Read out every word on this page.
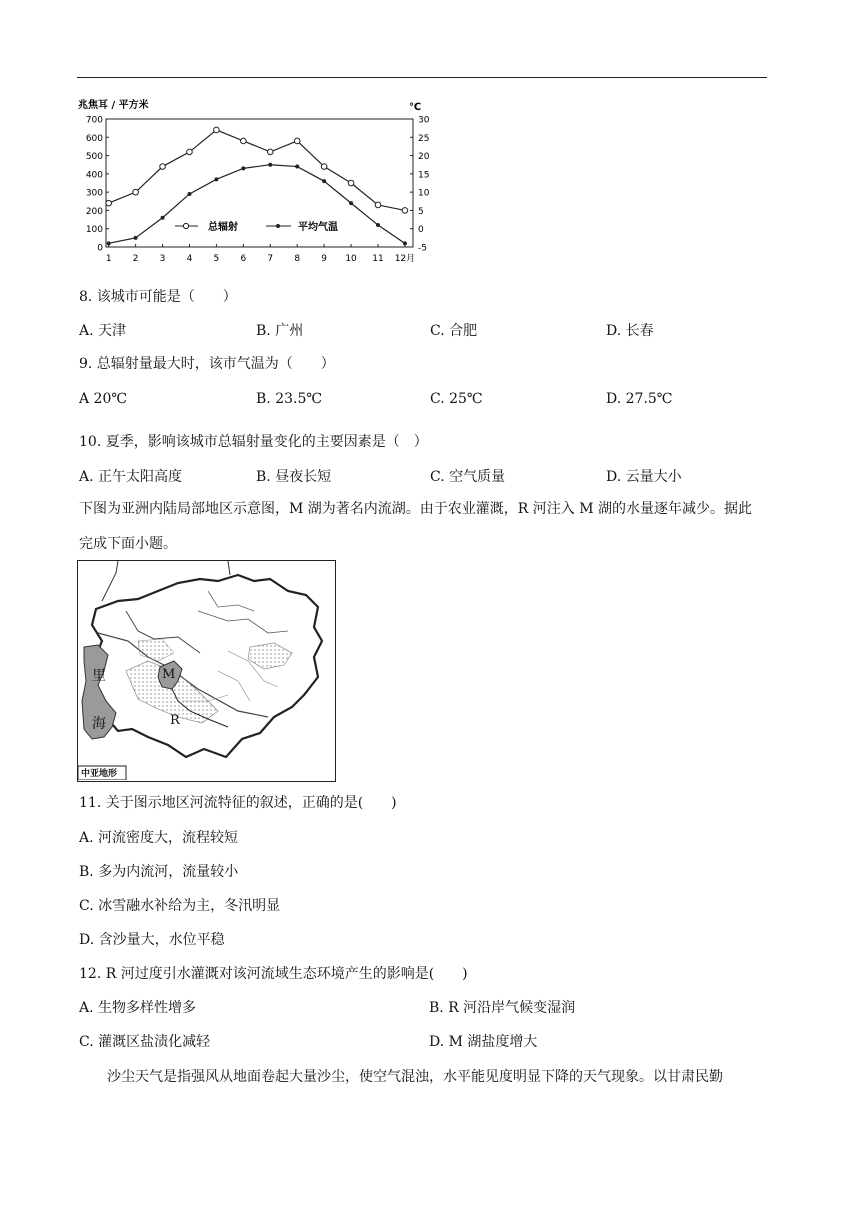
兆焦耳 / 平方米	℃
0
100
200
300
400
500
600
700
-5
0
5
10
15
20
25
30
1 2 3 4 5 6 7 8 9 10 11 12月
总辐射	平均气温
8. 该城市可能是（　　）
A. 天津	B. 广州	C. 合肥	D. 长春
9. 总辐射量最大时，该市气温为（　　）
A 20℃	B. 23.5℃	C. 25℃	D. 27.5℃
10. 夏季，影响该城市总辐射量变化的主要因素是（　）
A. 正午太阳高度	B. 昼夜长短	C. 空气质量	D. 云量大小
下图为亚洲内陆局部地区示意图，M 湖为著名内流湖。由于农业灌溉，R 河注入 M 湖的水量逐年减少。据此
完成下面小题。
里
海
M
R
中亚地形
11. 关于图示地区河流特征的叙述，正确的是(　　)
A. 河流密度大，流程较短
B. 多为内流河，流量较小
C. 冰雪融水补给为主，冬汛明显
D. 含沙量大，水位平稳
12. R 河过度引水灌溉对该河流域生态环境产生的影响是(　　)
A. 生物多样性增多	B. R 河沿岸气候变湿润
C. 灌溉区盐渍化减轻	D. M 湖盐度增大
沙尘天气是指强风从地面卷起大量沙尘，使空气混浊，水平能见度明显下降的天气现象。以甘肃民勤
